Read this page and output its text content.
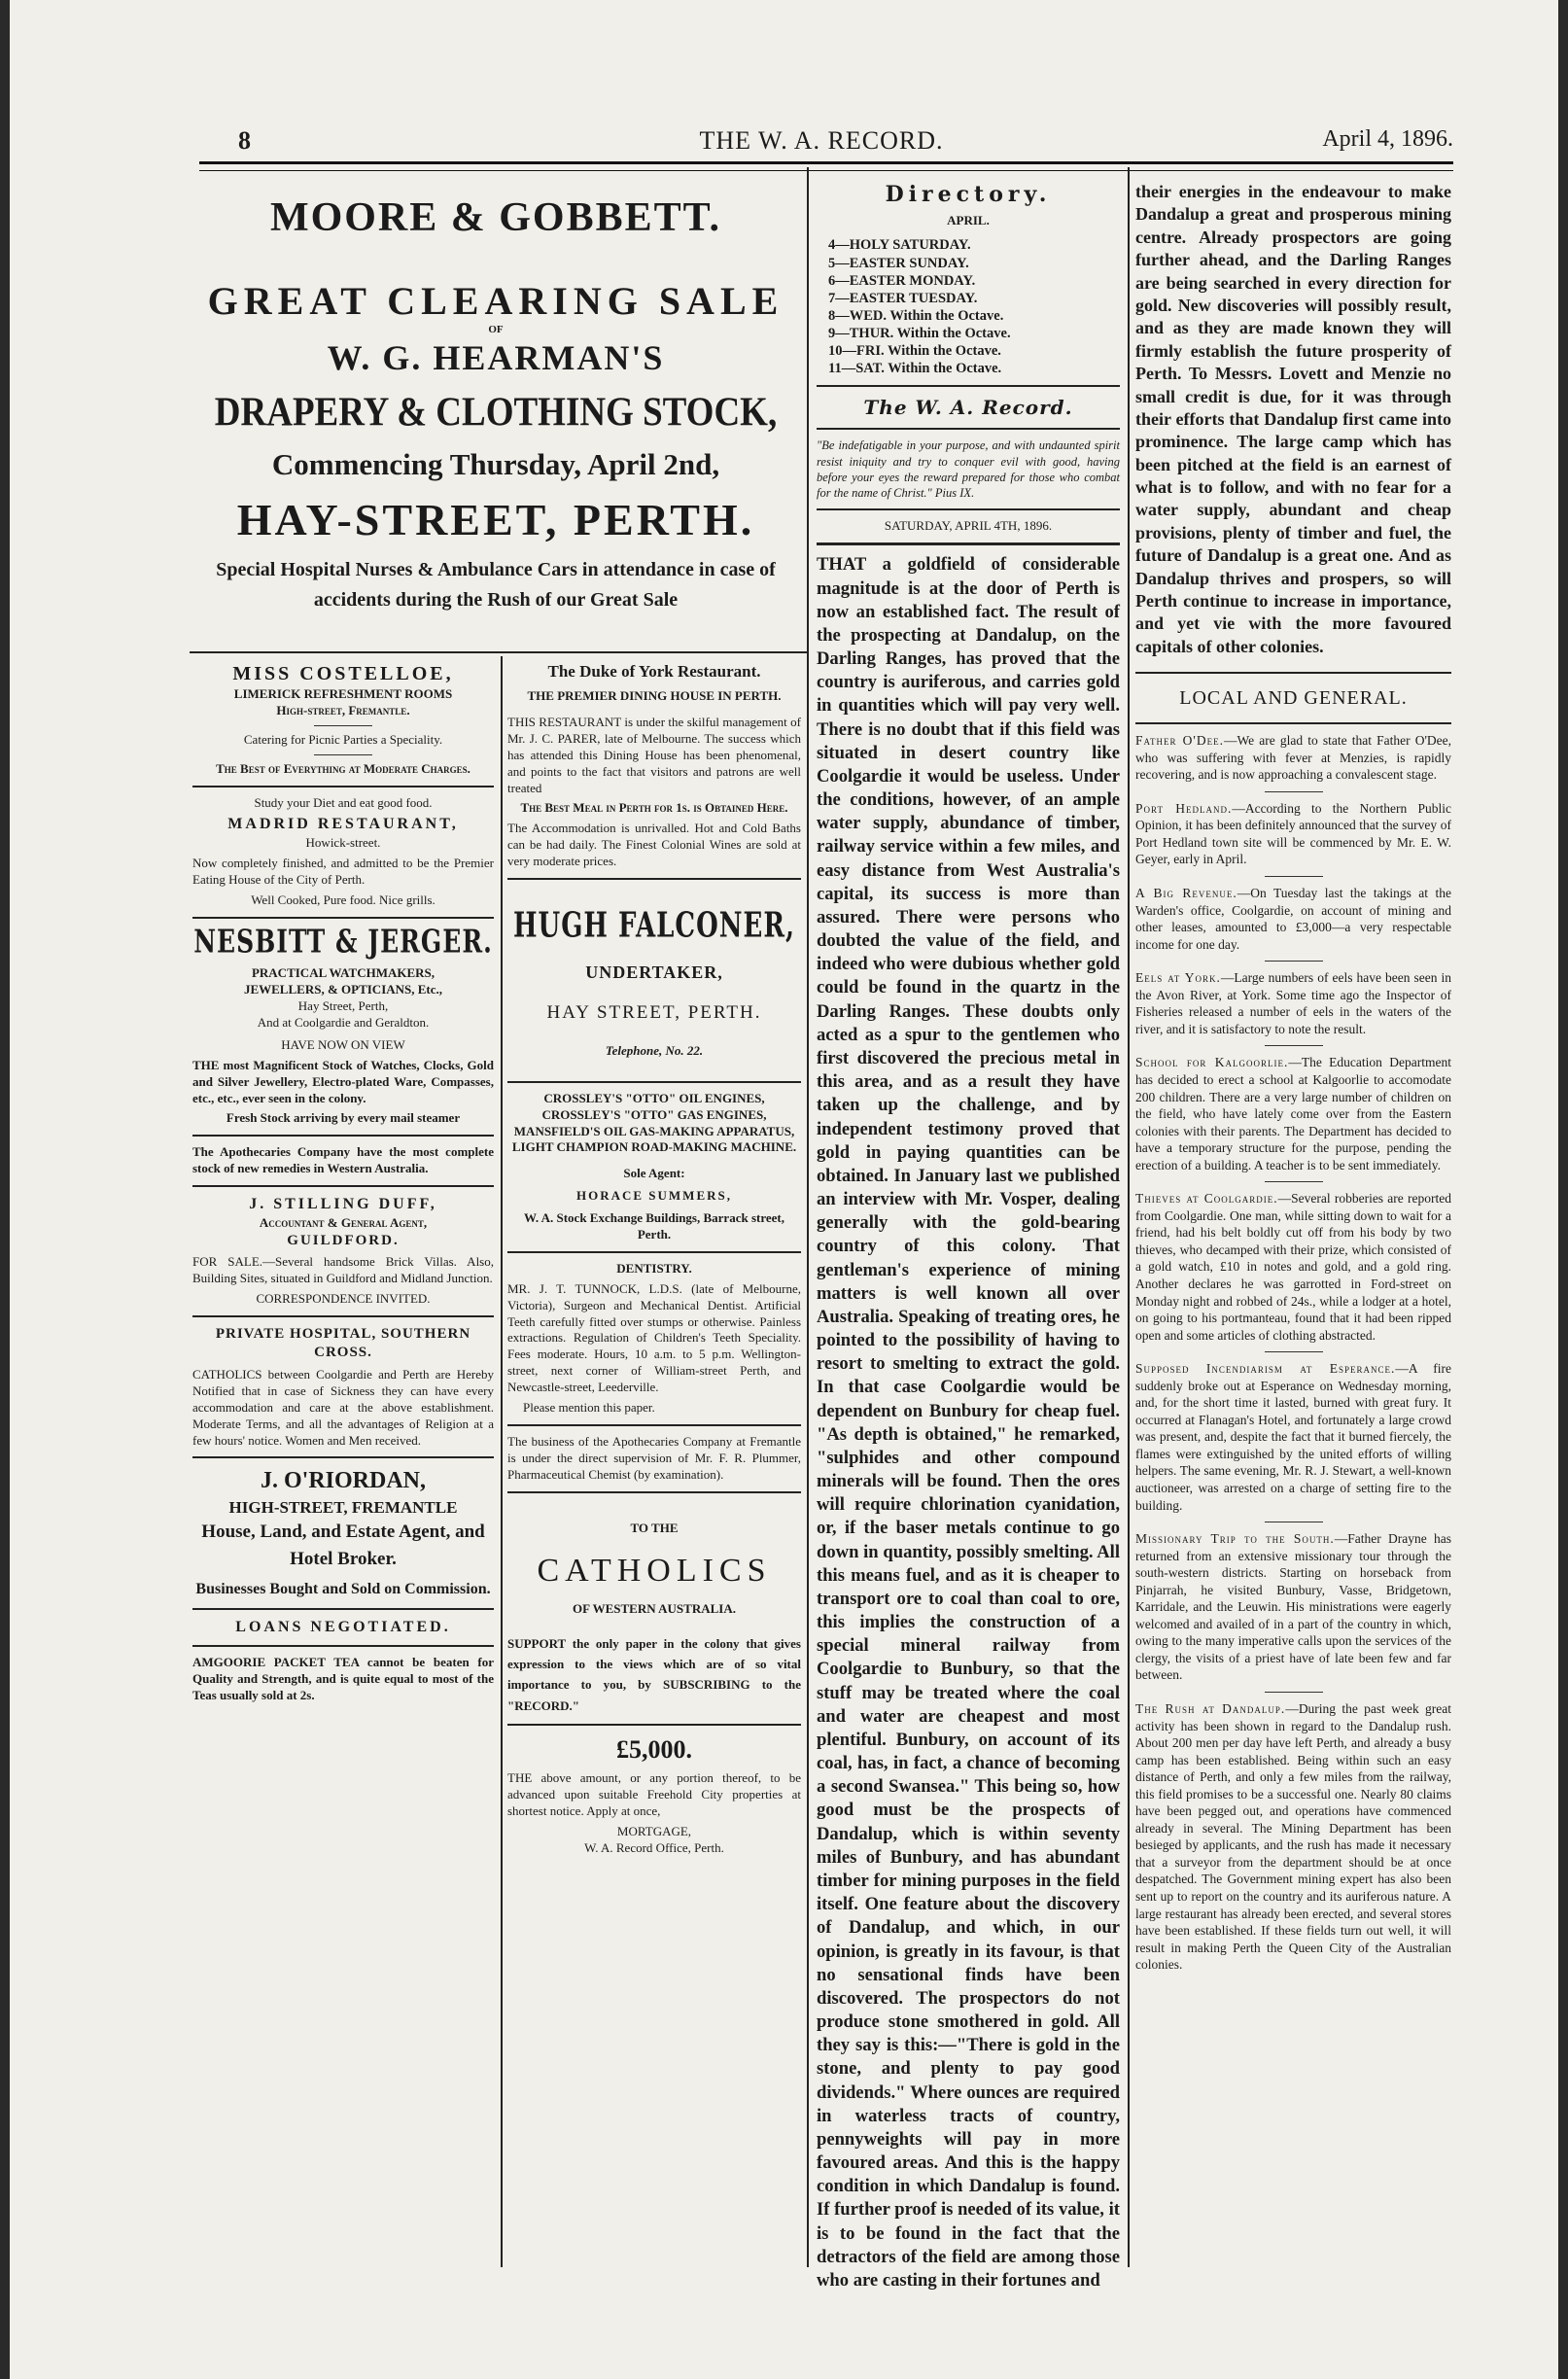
8	THE W. A. RECORD.	April 4, 1896.
MOORE & GOBBETT.
GREAT CLEARING SALE
OF
W. G. HEARMAN'S
DRAPERY & CLOTHING STOCK,
Commencing Thursday, April 2nd,
HAY-STREET, PERTH.
Special Hospital Nurses & Ambulance Cars in attendance in case of accidents during the Rush of our Great Sale
MISS COSTELLOE,
LIMERICK REFRESHMENT ROOMS
High-street, Fremantle.

Catering for Picnic Parties a Speciality.

The Best of Everything at Moderate Charges.

Study your Diet and eat good food.

MADRID RESTAURANT,
Howick-street.

Now completely finished, and admitted to be the Premier Eating House of the City of Perth.

Well Cooked, Pure food. Nice grills.

NESBITT & JERGER.
PRACTICAL WATCHMAKERS,
JEWELLERS, & OPTICIANS, Etc.,
Hay Street, Perth,
And at Coolgardie and Geraldton.
HAVE NOW ON VIEW

THE most Magnificent Stock of Watches, Clocks, Gold and Silver Jewellery, Electro-plated Ware, Compasses, etc., etc., ever seen in the colony.

Fresh Stock arriving by every mail steamer

The Apothecaries Company have the most complete stock of new remedies in Western Australia.

J. STILLING DUFF,
Accountant & General Agent,
GUILDFORD.

FOR SALE.—Several handsome Brick Villas. Also, Building Sites, situated in Guildford and Midland Junction.

CORRESPONDENCE INVITED.
PRIVATE HOSPITAL, SOUTHERN CROSS.

CATHOLICS between Coolgardie and Perth are Hereby Notified that in case of Sickness they can have every accommodation and care at the above establishment. Moderate Terms, and all the advantages of Religion at a few hours' notice. Women and Men received.

J. O'RIORDAN,
HIGH-STREET, FREMANTLE
House, Land, and Estate Agent, and Hotel Broker.
Businesses Bought and Sold on Commission.
LOANS NEGOTIATED.

AMGOORIE PACKET TEA cannot be beaten for Quality and Strength, and is quite equal to most of the Teas usually sold at 2s.

The Duke of York Restaurant.
THE PREMIER DINING HOUSE IN PERTH.

THIS RESTAURANT is under the skilful management of Mr. J. C. PARER, late of Melbourne. The success which has attended this Dining House has been phenomenal, and points to the fact that visitors and patrons are well treated

The Best Meal in Perth for 1s. is Obtained Here.

The Accommodation is unrivalled. Hot and Cold Baths can be had daily. The Finest Colonial Wines are sold at very moderate prices.

HUGH FALCONER,
UNDERTAKER,
HAY STREET, PERTH.
Telephone, No. 22.
CROSSLEY'S "OTTO" OIL ENGINES,
CROSSLEY'S "OTTO" GAS ENGINES,
MANSFIELD'S OIL GAS-MAKING APPARATUS,
LIGHT CHAMPION ROAD-MAKING MACHINE.
Sole Agent:
HORACE SUMMERS,
W. A. Stock Exchange Buildings, Barrack street, Perth.
DENTISTRY.

MR. J. T. TUNNOCK, L.D.S. (late of Melbourne, Victoria), Surgeon and Mechanical Dentist. Artificial Teeth carefully fitted over stumps or otherwise. Painless extractions. Regulation of Children's Teeth Speciality. Fees moderate. Hours, 10 a.m. to 5 p.m. Wellington-street, next corner of William-street Perth, and Newcastle-street, Leederville.

Please mention this paper.

The business of the Apothecaries Company at Fremantle is under the direct supervision of Mr. F. R. Plummer, Pharmaceutical Chemist (by examination).

TO THE
CATHOLICS
OF WESTERN AUSTRALIA.

SUPPORT the only paper in the colony that gives expression to the views which are of so vital importance to you, by SUBSCRIBING to the "RECORD."

£5,000.

THE above amount, or any portion thereof, to be advanced upon suitable Freehold City properties at shortest notice. Apply at once,

MORTGAGE,
W. A. Record Office, Perth.
Directory.
APRIL.
4—HOLY SATURDAY.
5—EASTER SUNDAY.
6—EASTER MONDAY.
7—EASTER TUESDAY.
8—WED. Within the Octave.
9—THUR. Within the Octave.
10—FRI. Within the Octave.
11—SAT. Within the Octave.
The W. A. Record.

"Be indefatigable in your purpose, and with undaunted spirit resist iniquity and try to conquer evil with good, having before your eyes the reward prepared for those who combat for the name of Christ." Pius IX.

SATURDAY, APRIL 4TH, 1896.
THAT a goldfield of considerable magnitude is at the door of Perth is now an established fact. The result of the prospecting at Dandalup, on the Darling Ranges, has proved that the country is auriferous, and carries gold in quantities which will pay very well. There is no doubt that if this field was situated in desert country like Coolgardie it would be useless. Under the conditions, however, of an ample water supply, abundance of timber, railway service within a few miles, and easy distance from West Australia's capital, its success is more than assured. There were persons who doubted the value of the field, and indeed who were dubious whether gold could be found in the quartz in the Darling Ranges. These doubts only acted as a spur to the gentlemen who first discovered the precious metal in this area, and as a result they have taken up the challenge, and by independent testimony proved that gold in paying quantities can be obtained. In January last we published an interview with Mr. Vosper, dealing generally with the gold-bearing country of this colony. That gentleman's experience of mining matters is well known all over Australia. Speaking of treating ores, he pointed to the possibility of having to resort to smelting to extract the gold. In that case Coolgardie would be dependent on Bunbury for cheap fuel. "As depth is obtained," he remarked, "sulphides and other compound minerals will be found. Then the ores will require chlorination cyanidation, or, if the baser metals continue to go down in quantity, possibly smelting. All this means fuel, and as it is cheaper to transport ore to coal than coal to ore, this implies the construction of a special mineral railway from Coolgardie to Bunbury, so that the stuff may be treated where the coal and water are cheapest and most plentiful. Bunbury, on account of its coal, has, in fact, a chance of becoming a second Swansea." This being so, how good must be the prospects of Dandalup, which is within seventy miles of Bunbury, and has abundant timber for mining purposes in the field itself. One feature about the discovery of Dandalup, and which, in our opinion, is greatly in its favour, is that no sensational finds have been discovered. The prospectors do not produce stone smothered in gold. All they say is this:—"There is gold in the stone, and plenty to pay good dividends." Where ounces are required in waterless tracts of country, pennyweights will pay in more favoured areas. And this is the happy condition in which Dandalup is found. If further proof is needed of its value, it is to be found in the fact that the detractors of the field are among those who are casting in their fortunes and
their energies in the endeavour to make Dandalup a great and prosperous mining centre. Already prospectors are going further ahead, and the Darling Ranges are being searched in every direction for gold. New discoveries will possibly result, and as they are made known they will firmly establish the future prosperity of Perth. To Messrs. Lovett and Menzie no small credit is due, for it was through their efforts that Dandalup first came into prominence. The large camp which has been pitched at the field is an earnest of what is to follow, and with no fear for a water supply, abundant and cheap provisions, plenty of timber and fuel, the future of Dandalup is a great one. And as Dandalup thrives and prospers, so will Perth continue to increase in importance, and yet vie with the more favoured capitals of other colonies.
LOCAL AND GENERAL.
Father O'Dee.—We are glad to state that Father O'Dee, who was suffering with fever at Menzies, is rapidly recovering, and is now approaching a convalescent stage.
Port Hedland.—According to the Northern Public Opinion, it has been definitely announced that the survey of Port Hedland town site will be commenced by Mr. E. W. Geyer, early in April.
A Big Revenue.—On Tuesday last the takings at the Warden's office, Coolgardie, on account of mining and other leases, amounted to £3,000—a very respectable income for one day.
Eels at York.—Large numbers of eels have been seen in the Avon River, at York. Some time ago the Inspector of Fisheries released a number of eels in the waters of the river, and it is satisfactory to note the result.
School for Kalgoorlie.—The Education Department has decided to erect a school at Kalgoorlie to accomodate 200 children. There are a very large number of children on the field, who have lately come over from the Eastern colonies with their parents. The Department has decided to have a temporary structure for the purpose, pending the erection of a building. A teacher is to be sent immediately.
Thieves at Coolgardie.—Several robberies are reported from Coolgardie. One man, while sitting down to wait for a friend, had his belt boldly cut off from his body by two thieves, who decamped with their prize, which consisted of a gold watch, £10 in notes and gold, and a gold ring. Another declares he was garrotted in Ford-street on Monday night and robbed of 24s., while a lodger at a hotel, on going to his portmanteau, found that it had been ripped open and some articles of clothing abstracted.
Supposed Incendiarism at Esperance.—A fire suddenly broke out at Esperance on Wednesday morning, and, for the short time it lasted, burned with great fury. It occurred at Flanagan's Hotel, and fortunately a large crowd was present, and, despite the fact that it burned fiercely, the flames were extinguished by the united efforts of willing helpers. The same evening, Mr. R. J. Stewart, a well-known auctioneer, was arrested on a charge of setting fire to the building.
Missionary Trip to the South.—Father Drayne has returned from an extensive missionary tour through the south-western districts. Starting on horseback from Pinjarrah, he visited Bunbury, Vasse, Bridgetown, Karridale, and the Leuwin. His ministrations were eagerly welcomed and availed of in a part of the country in which, owing to the many imperative calls upon the services of the clergy, the visits of a priest have of late been few and far between.
The Rush at Dandalup.—During the past week great activity has been shown in regard to the Dandalup rush. About 200 men per day have left Perth, and already a busy camp has been established. Being within such an easy distance of Perth, and only a few miles from the railway, this field promises to be a successful one. Nearly 80 claims have been pegged out, and operations have commenced already in several. The Mining Department has been besieged by applicants, and the rush has made it necessary that a surveyor from the department should be at once despatched. The Government mining expert has also been sent up to report on the country and its auriferous nature. A large restaurant has already been erected, and several stores have been established. If these fields turn out well, it will result in making Perth the Queen City of the Australian colonies.
